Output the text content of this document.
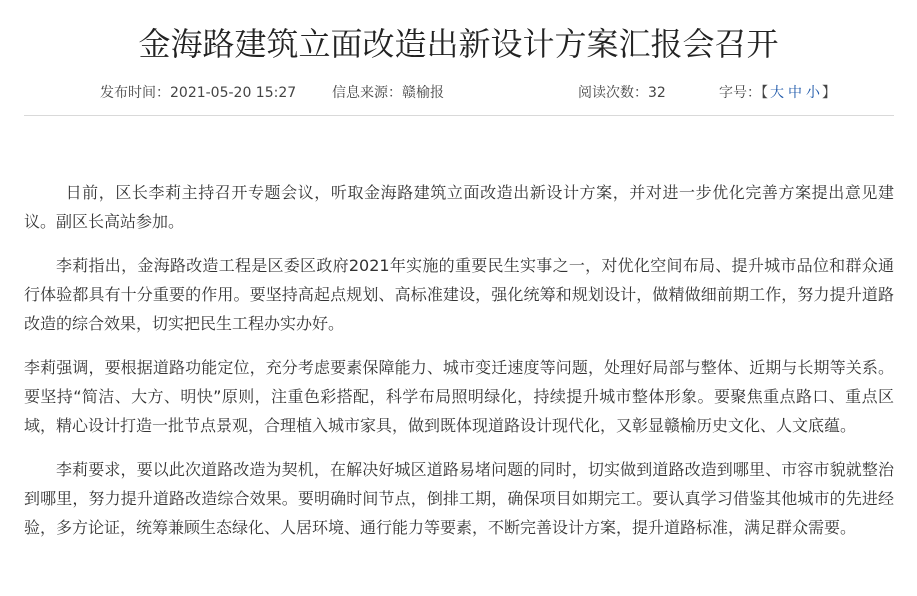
金海路建筑立面改造出新设计方案汇报会召开
发布时间：2021-05-20 15:27	信息来源：赣榆报	阅读次数：32	字号：【 大 中 小 】

日前，区长李莉主持召开专题会议，听取金海路建筑立面改造出新设计方案，并对进一步优化完善方案提出意见建议。副区长高站参加。

李莉指出，金海路改造工程是区委区政府2021年实施的重要民生实事之一，对优化空间布局、提升城市品位和群众通行体验都具有十分重要的作用。要坚持高起点规划、高标准建设，强化统筹和规划设计，做精做细前期工作，努力提升道路改造的综合效果，切实把民生工程办实办好。

李莉强调，要根据道路功能定位，充分考虑要素保障能力、城市变迁速度等问题，处理好局部与整体、近期与长期等关系。要坚持“简洁、大方、明快”原则，注重色彩搭配，科学布局照明绿化，持续提升城市整体形象。要聚焦重点路口、重点区域，精心设计打造一批节点景观，合理植入城市家具，做到既体现道路设计现代化，又彰显赣榆历史文化、人文底蕴。

李莉要求，要以此次道路改造为契机，在解决好城区道路易堵问题的同时，切实做到道路改造到哪里、市容市貌就整治到哪里，努力提升道路改造综合效果。要明确时间节点，倒排工期，确保项目如期完工。要认真学习借鉴其他城市的先进经验，多方论证，统筹兼顾生态绿化、人居环境、通行能力等要素，不断完善设计方案，提升道路标准，满足群众需要。
